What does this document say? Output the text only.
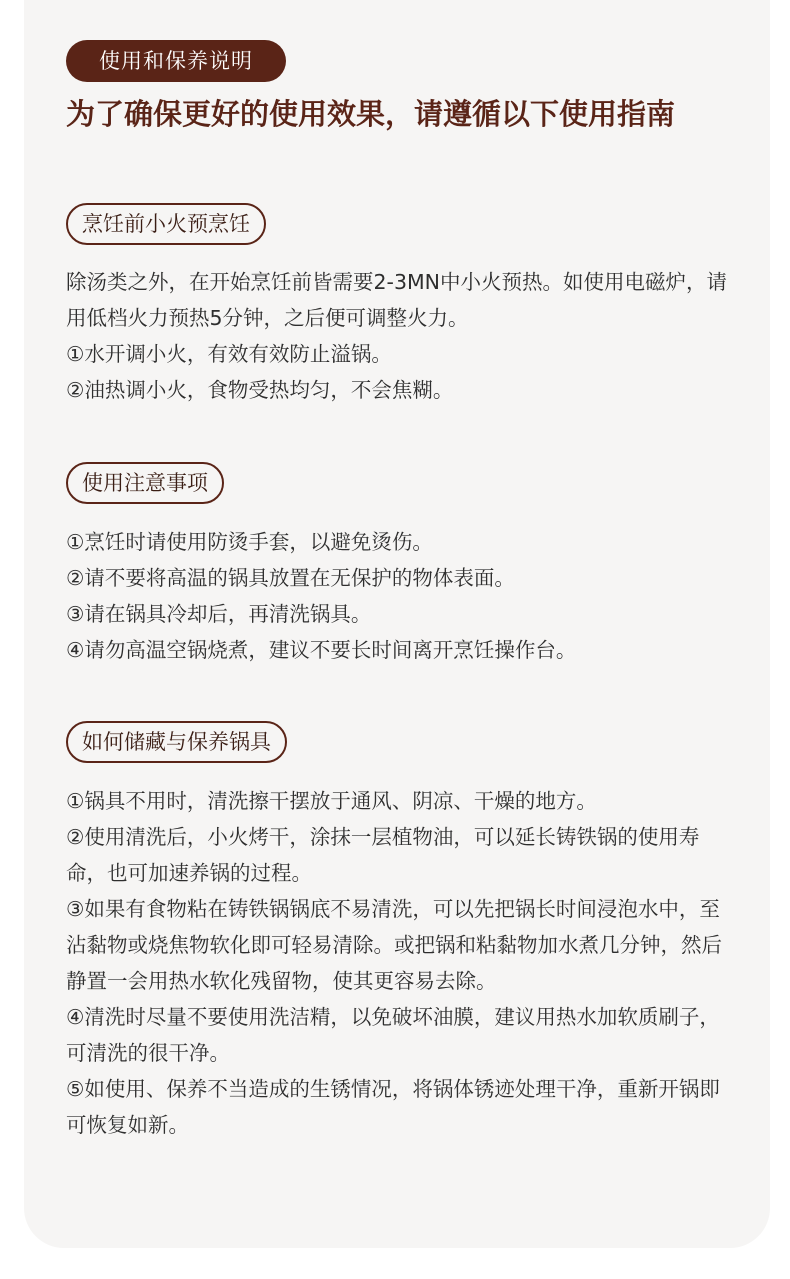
使用和保养说明
为了确保更好的使用效果，请遵循以下使用指南
烹饪前小火预烹饪

除汤类之外，在开始烹饪前皆需要2-3MN中小火预热。如使用电磁炉，请用低档火力预热5分钟，之后便可调整火力。

①水开调小火，有效有效防止溢锅。

②油热调小火，食物受热均匀，不会焦糊。

使用注意事项

①烹饪时请使用防烫手套，以避免烫伤。

②请不要将高温的锅具放置在无保护的物体表面。

③请在锅具冷却后，再清洗锅具。

④请勿高温空锅烧煮，建议不要长时间离开烹饪操作台。

如何储藏与保养锅具

①锅具不用时，清洗擦干摆放于通风、阴凉、干燥的地方。

②使用清洗后，小火烤干，涂抹一层植物油，可以延长铸铁锅的使用寿命，也可加速养锅的过程。

③如果有食物粘在铸铁锅锅底不易清洗，可以先把锅长时间浸泡水中，至沾黏物或烧焦物软化即可轻易清除。或把锅和粘黏物加水煮几分钟，然后静置一会用热水软化残留物，使其更容易去除。

④清洗时尽量不要使用洗洁精，以免破坏油膜，建议用热水加软质刷子，可清洗的很干净。

⑤如使用、保养不当造成的生锈情况，将锅体锈迹处理干净，重新开锅即可恢复如新。
